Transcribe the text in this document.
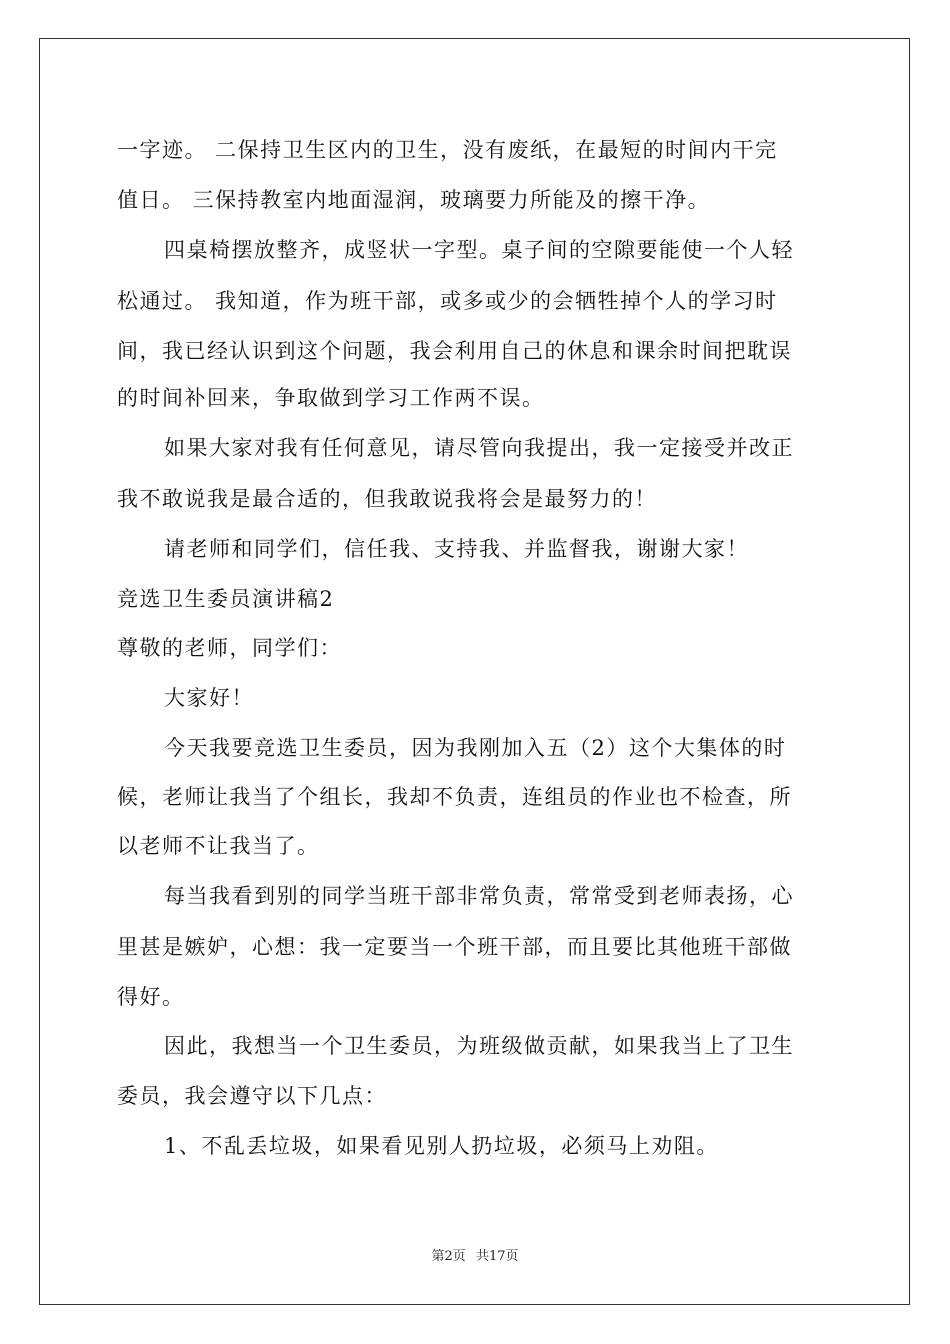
一字迹。 二保持卫生区内的卫生，没有废纸，在最短的时间内干完
值日。 三保持教室内地面湿润，玻璃要力所能及的擦干净。
四桌椅摆放整齐，成竖状一字型。桌子间的空隙要能使一个人轻
松通过。 我知道，作为班干部，或多或少的会牺牲掉个人的学习时
间，我已经认识到这个问题，我会利用自己的休息和课余时间把耽误
的时间补回来，争取做到学习工作两不误。
如果大家对我有任何意见，请尽管向我提出，我一定接受并改正
我不敢说我是最合适的，但我敢说我将会是最努力的！
请老师和同学们，信任我、支持我、并监督我，谢谢大家！
竞选卫生委员演讲稿2
尊敬的老师，同学们：
大家好！
今天我要竞选卫生委员，因为我刚加入五（2）这个大集体的时
候，老师让我当了个组长，我却不负责，连组员的作业也不检查，所
以老师不让我当了。
每当我看到别的同学当班干部非常负责，常常受到老师表扬，心
里甚是嫉妒，心想：我一定要当一个班干部，而且要比其他班干部做
得好。
因此，我想当一个卫生委员，为班级做贡献，如果我当上了卫生
委员，我会遵守以下几点：
1、不乱丢垃圾，如果看见别人扔垃圾，必须马上劝阻。
第2页 共17页
